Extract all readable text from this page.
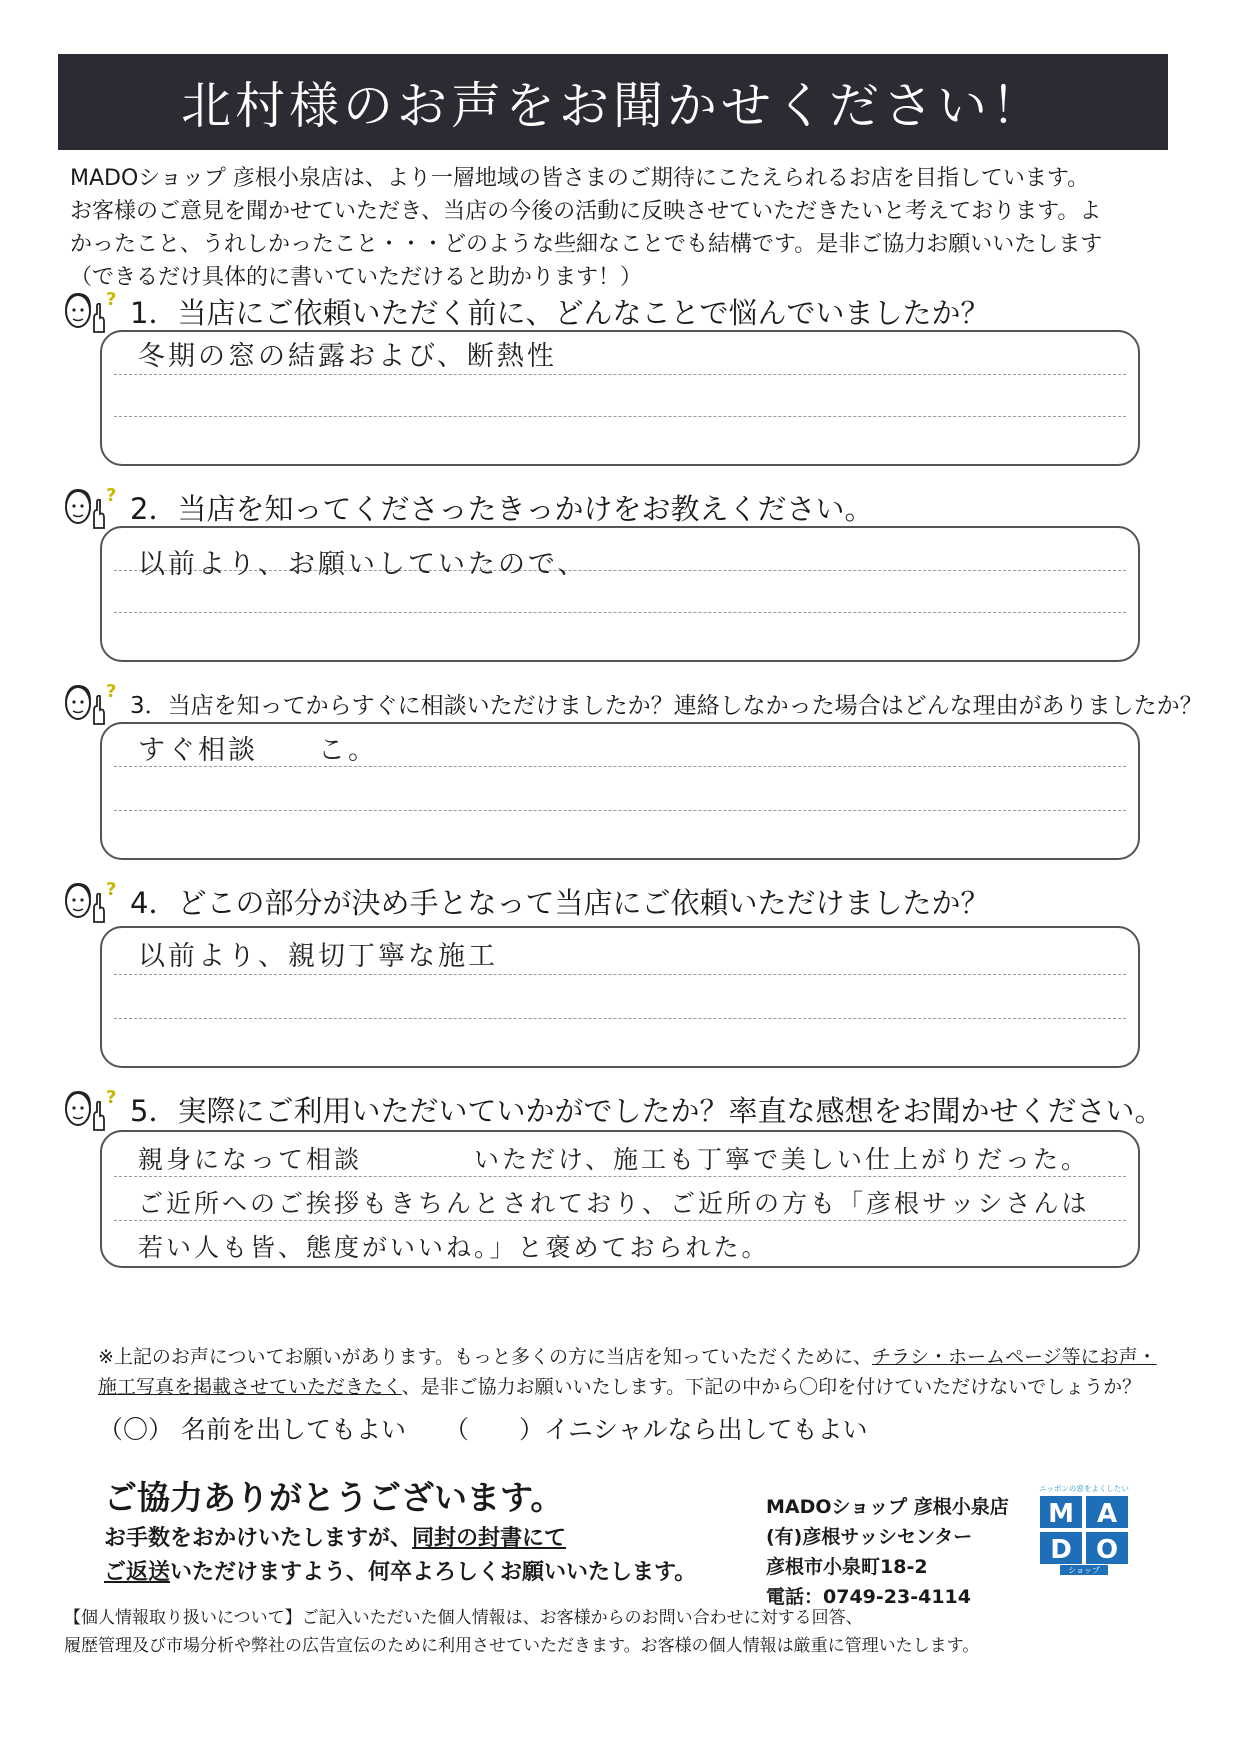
北村様のお声をお聞かせください！
MADOショップ 彦根小泉店は、より一層地域の皆さまのご期待にこたえられるお店を目指しています。
お客様のご意見を聞かせていただき、当店の今後の活動に反映させていただきたいと考えております。よ
かったこと、うれしかったこと・・・どのような些細なことでも結構です。是非ご協力お願いいたします
（できるだけ具体的に書いていただけると助かります！）
? 1．当店にご依頼いただく前に、どんなことで悩んでいましたか？
冬期の窓の結露および、断熱性
? 2．当店を知ってくださったきっかけをお教えください。
以前より、お願いしていたので、
?
3．当店を知ってからすぐに相談いただけましたか？連絡しなかった場合はどんな理由がありましたか？
すぐ相談　　こ。
? 4．どこの部分が決め手となって当店にご依頼いただけましたか？
以前より、親切丁寧な施工
? 5．実際にご利用いただいていかがでしたか？率直な感想をお聞かせください。
親身になって相談　　　　いただけ、施工も丁寧で美しい仕上がりだった。
ご近所へのご挨拶もきちんとされており、ご近所の方も「彦根サッシさんは
若い人も皆、態度がいいね。」と褒めておられた。
※上記のお声についてお願いがあります。もっと多くの方に当店を知っていただくために、チラシ・ホームページ等にお声・
施工写真を掲載させていただきたく、是非ご協力お願いいたします。下記の中から〇印を付けていただけないでしょうか？
（〇） 名前を出してもよい （　　）イニシャルなら出してもよい
ご協力ありがとうございます。
お手数をおかけいたしますが、同封の封書にて
ご返送いただけますよう、何卒よろしくお願いいたします。
MADOショップ 彦根小泉店
(有)彦根サッシセンター
彦根市小泉町18-2
電話：0749-23-4114
ニッポンの窓をよくしたい
M A
D O
ショップ
【個人情報取り扱いについて】ご記入いただいた個人情報は、お客様からのお問い合わせに対する回答、
履歴管理及び市場分析や弊社の広告宣伝のために利用させていただきます。お客様の個人情報は厳重に管理いたします。
